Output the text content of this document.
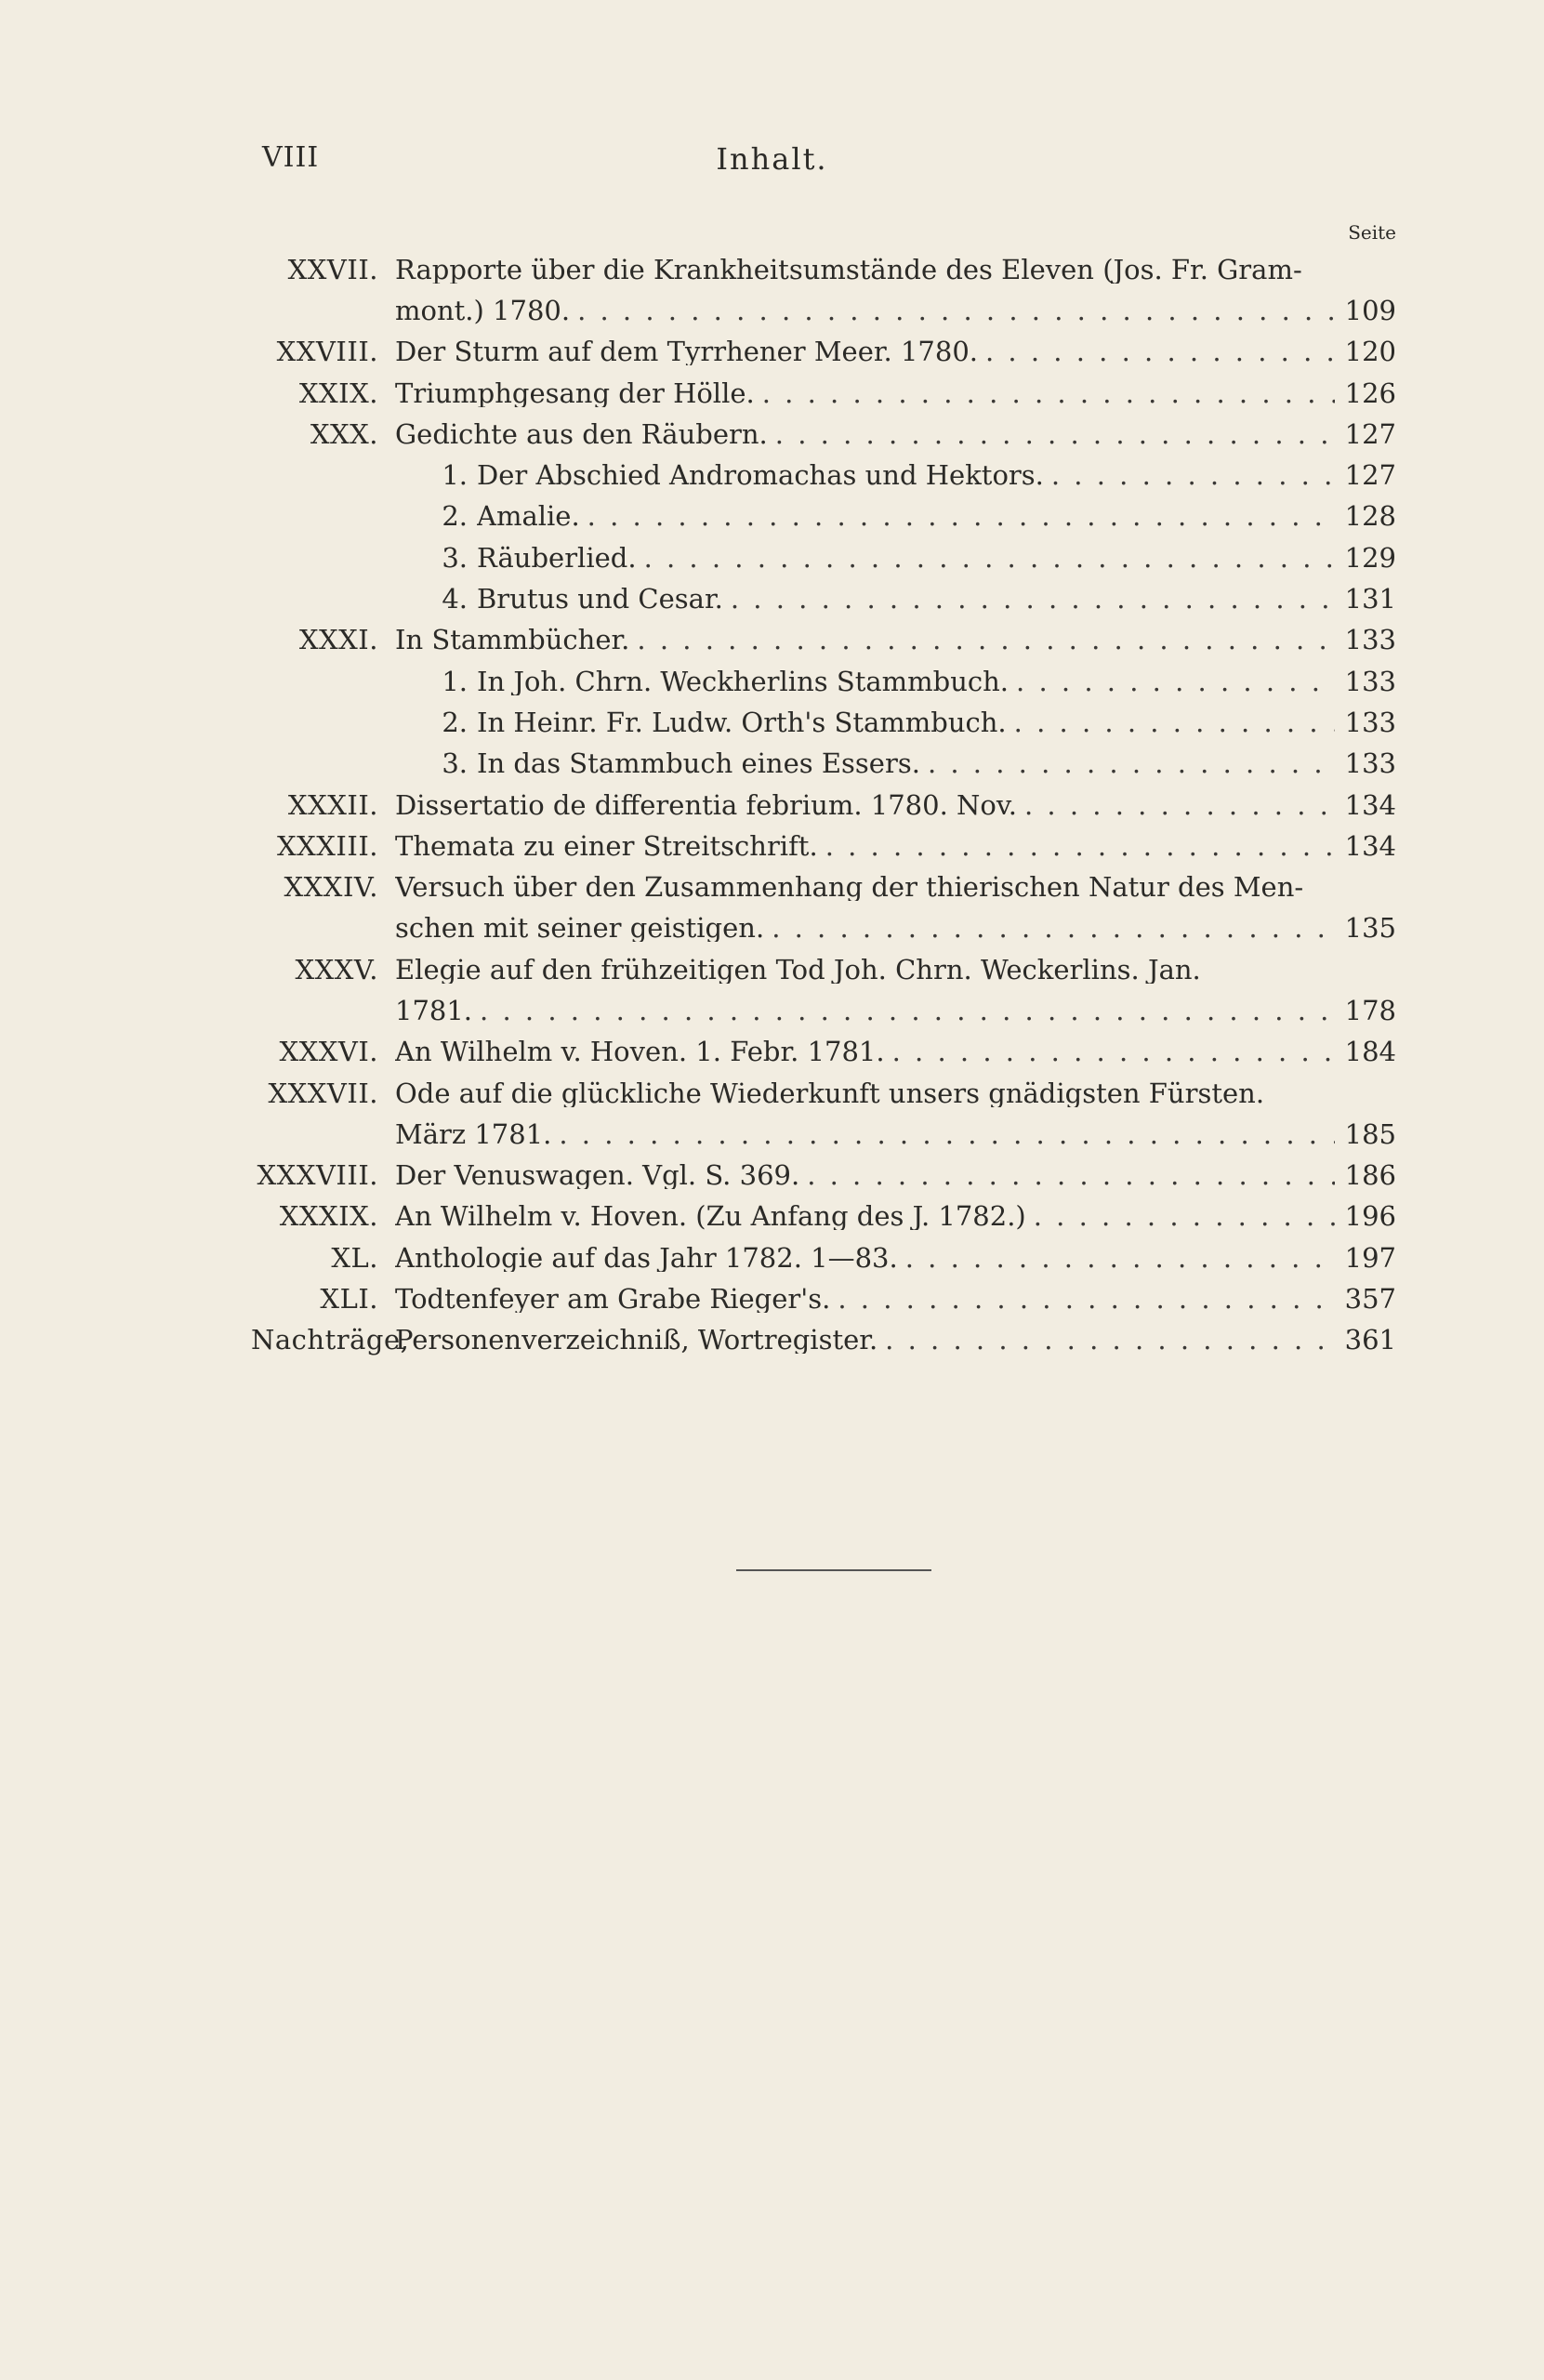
VIII	Inhalt.
Seite
XXVII. Rapporte über die Krankheitsumstände des Eleven (Jos. Fr. Gram-
mont.) 1780. . . .	109
XXVIII. Der Sturm auf dem Tyrrhener Meer. 1780. . . .	120
XXIX. Triumphgesang der Hölle. . . .	126
XXX. Gedichte aus den Räubern. . . .	127
1. Der Abschied Andromachas und Hektors. . . .	127
2. Amalie. . . .	128
3. Räuberlied. . . .	129
4. Brutus und Cesar. . . .	131
XXXI. In Stammbücher. . . .	133
1. In Joh. Chrn. Weckherlins Stammbuch. . . .	133
2. In Heinr. Fr. Ludw. Orth's Stammbuch. . . .	133
3. In das Stammbuch eines Essers. . . .	133
XXXII. Dissertatio de differentia febrium. 1780. Nov. . . .	134
XXXIII. Themata zu einer Streitschrift. . . .	134
XXXIV. Versuch über den Zusammenhang der thierischen Natur des Men-
schen mit seiner geistigen. . . .	135
XXXV. Elegie auf den frühzeitigen Tod Joh. Chrn. Weckerlins. Jan.
1781. . . .	178
XXXVI. An Wilhelm v. Hoven. 1. Febr. 1781. . . .	184
XXXVII. Ode auf die glückliche Wiederkunft unsers gnädigsten Fürsten.
März 1781. . . .	185
XXXVIII. Der Venuswagen. Vgl. S. 369. . . .	186
XXXIX. An Wilhelm v. Hoven. (Zu Anfang des J. 1782.) . . .	196
XL. Anthologie auf das Jahr 1782. 1—83. . . .	197
XLI. Todtenfeyer am Grabe Rieger's. . . .	357
Nachträge,
Personenverzeichniß, Wortregister. . . .	361
